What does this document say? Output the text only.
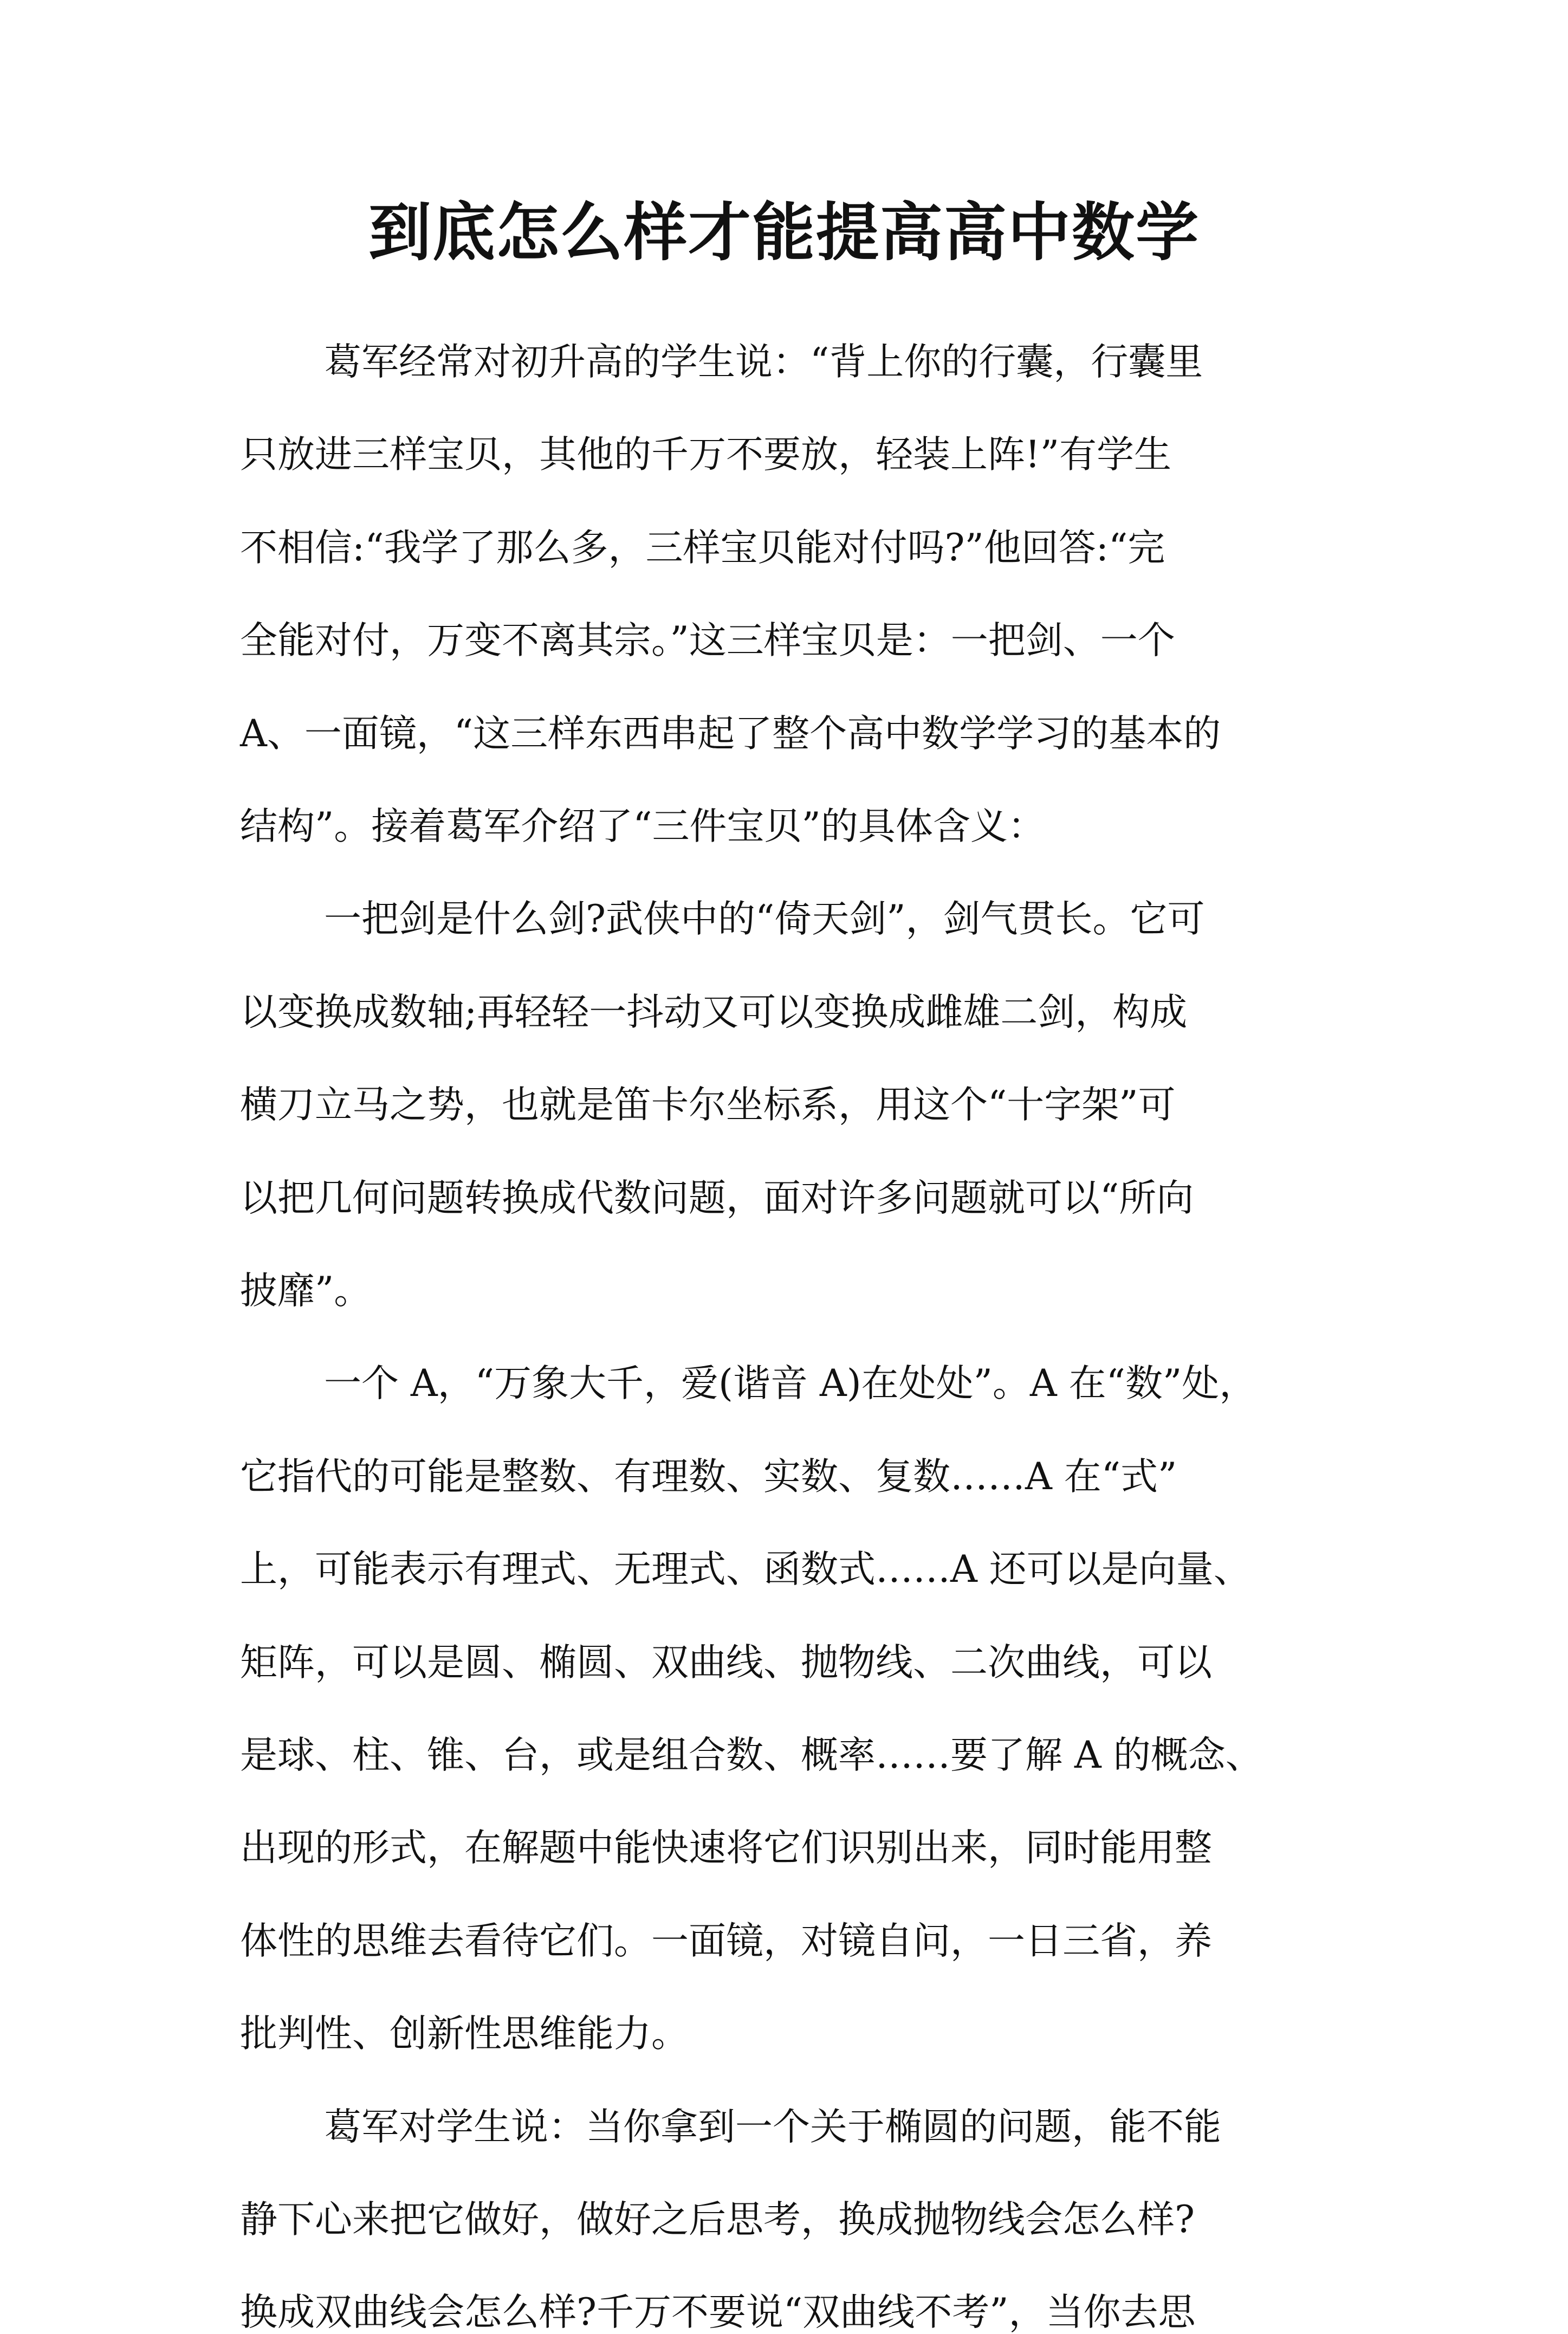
到底怎么样才能提高高中数学

葛军经常对初升高的学生说：“背上你的行囊，行囊里

只放进三样宝贝，其他的千万不要放，轻装上阵!”有学生

不相信:“我学了那么多，三样宝贝能对付吗?”他回答:“完

全能对付，万变不离其宗。”这三样宝贝是：一把剑、一个

A、一面镜，“这三样东西串起了整个高中数学学习的基本的

结构”。接着葛军介绍了“三件宝贝”的具体含义：

一把剑是什么剑?武侠中的“倚天剑”，剑气贯长。它可

以变换成数轴;再轻轻一抖动又可以变换成雌雄二剑，构成

横刀立马之势，也就是笛卡尔坐标系，用这个“十字架”可

以把几何问题转换成代数问题，面对许多问题就可以“所向

披靡”。

一个 A，“万象大千，爱(谐音 A)在处处”。A 在“数”处，

它指代的可能是整数、有理数、实数、复数……A 在“式”

上，可能表示有理式、无理式、函数式……A 还可以是向量、

矩阵，可以是圆、椭圆、双曲线、抛物线、二次曲线，可以

是球、柱、锥、台，或是组合数、概率……要了解 A 的概念、

出现的形式，在解题中能快速将它们识别出来，同时能用整

体性的思维去看待它们。一面镜，对镜自问，一日三省，养

批判性、创新性思维能力。

葛军对学生说：当你拿到一个关于椭圆的问题，能不能

静下心来把它做好，做好之后思考，换成抛物线会怎么样?

换成双曲线会怎么样?千万不要说“双曲线不考”，当你去思
